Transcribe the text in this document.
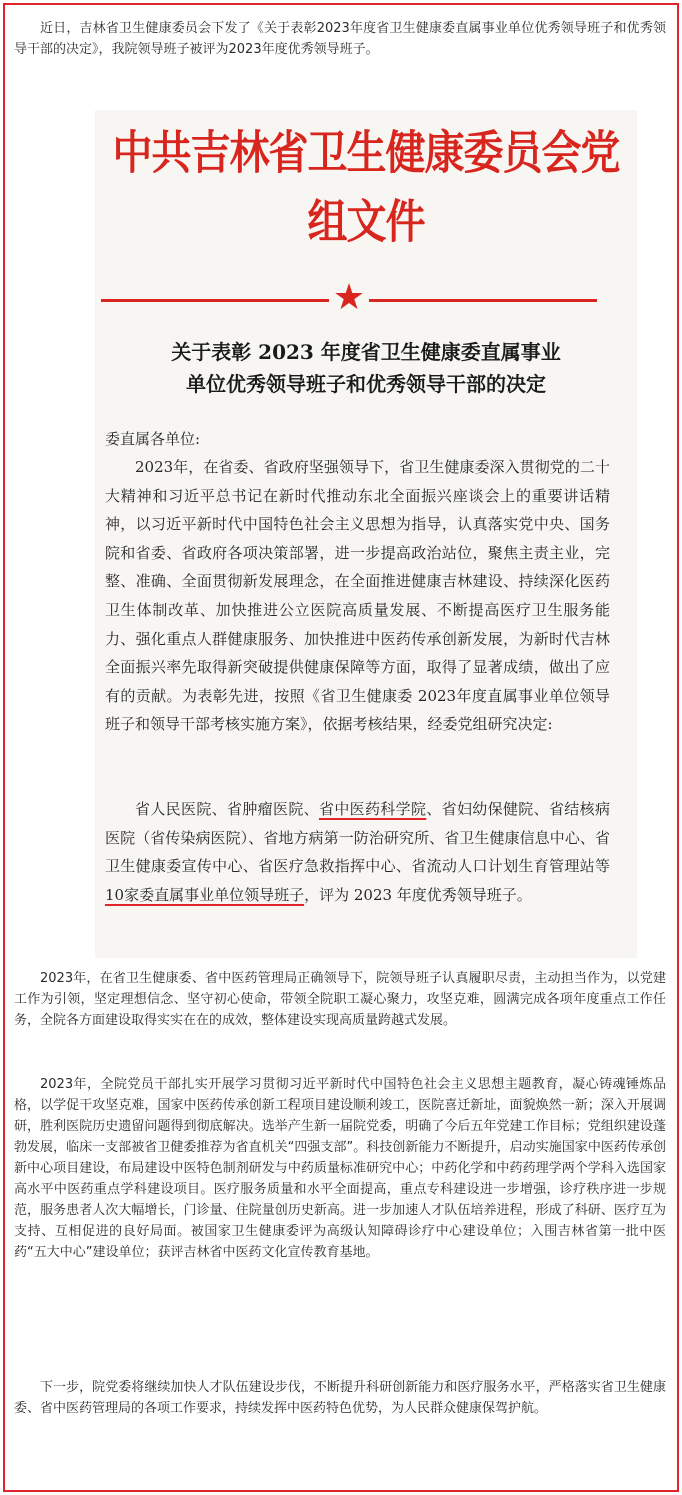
近日，吉林省卫生健康委员会下发了《关于表彰2023年度省卫生健康委直属事业单位优秀领导班子和优秀领导干部的决定》，我院领导班子被评为2023年度优秀领导班子。

中共吉林省卫生健康委员会党组文件
★
关于表彰 2023 年度省卫生健康委直属事业
单位优秀领导班子和优秀领导干部的决定

委直属各单位:

2023年，在省委、省政府坚强领导下，省卫生健康委深入贯彻党的二十大精神和习近平总书记在新时代推动东北全面振兴座谈会上的重要讲话精神，以习近平新时代中国特色社会主义思想为指导，认真落实党中央、国务院和省委、省政府各项决策部署，进一步提高政治站位，聚焦主责主业，完整、准确、全面贯彻新发展理念，在全面推进健康吉林建设、持续深化医药卫生体制改革、加快推进公立医院高质量发展、不断提高医疗卫生服务能力、强化重点人群健康服务、加快推进中医药传承创新发展，为新时代吉林全面振兴率先取得新突破提供健康保障等方面，取得了显著成绩，做出了应有的贡献。为表彰先进，按照《省卫生健康委 2023年度直属事业单位领导班子和领导干部考核实施方案》，依据考核结果，经委党组研究决定:

省人民医院、省肿瘤医院、省中医药科学院、省妇幼保健院、省结核病医院（省传染病医院）、省地方病第一防治研究所、省卫生健康信息中心、省卫生健康委宣传中心、省医疗急救指挥中心、省流动人口计划生育管理站等10家委直属事业单位领导班子，评为 2023 年度优秀领导班子。

2023年，在省卫生健康委、省中医药管理局正确领导下，院领导班子认真履职尽责，主动担当作为，以党建工作为引领，坚定理想信念、坚守初心使命，带领全院职工凝心聚力，攻坚克难，圆满完成各项年度重点工作任务，全院各方面建设取得实实在在的成效，整体建设实现高质量跨越式发展。

2023年，全院党员干部扎实开展学习贯彻习近平新时代中国特色社会主义思想主题教育，凝心铸魂锤炼品格，以学促干攻坚克难，国家中医药传承创新工程项目建设顺利竣工，医院喜迁新址，面貌焕然一新；深入开展调研，胜利医院历史遗留问题得到彻底解决。选举产生新一届院党委，明确了今后五年党建工作目标；党组织建设蓬勃发展，临床一支部被省卫健委推荐为省直机关“四强支部”。科技创新能力不断提升，启动实施国家中医药传承创新中心项目建设，布局建设中医特色制剂研发与中药质量标准研究中心；中药化学和中药药理学两个学科入选国家高水平中医药重点学科建设项目。医疗服务质量和水平全面提高，重点专科建设进一步增强，诊疗秩序进一步规范，服务患者人次大幅增长，门诊量、住院量创历史新高。进一步加速人才队伍培养进程，形成了科研、医疗互为支持、互相促进的良好局面。被国家卫生健康委评为高级认知障碍诊疗中心建设单位；入围吉林省第一批中医药“五大中心”建设单位；获评吉林省中医药文化宣传教育基地。

下一步，院党委将继续加快人才队伍建设步伐，不断提升科研创新能力和医疗服务水平，严格落实省卫生健康委、省中医药管理局的各项工作要求，持续发挥中医药特色优势，为人民群众健康保驾护航。
